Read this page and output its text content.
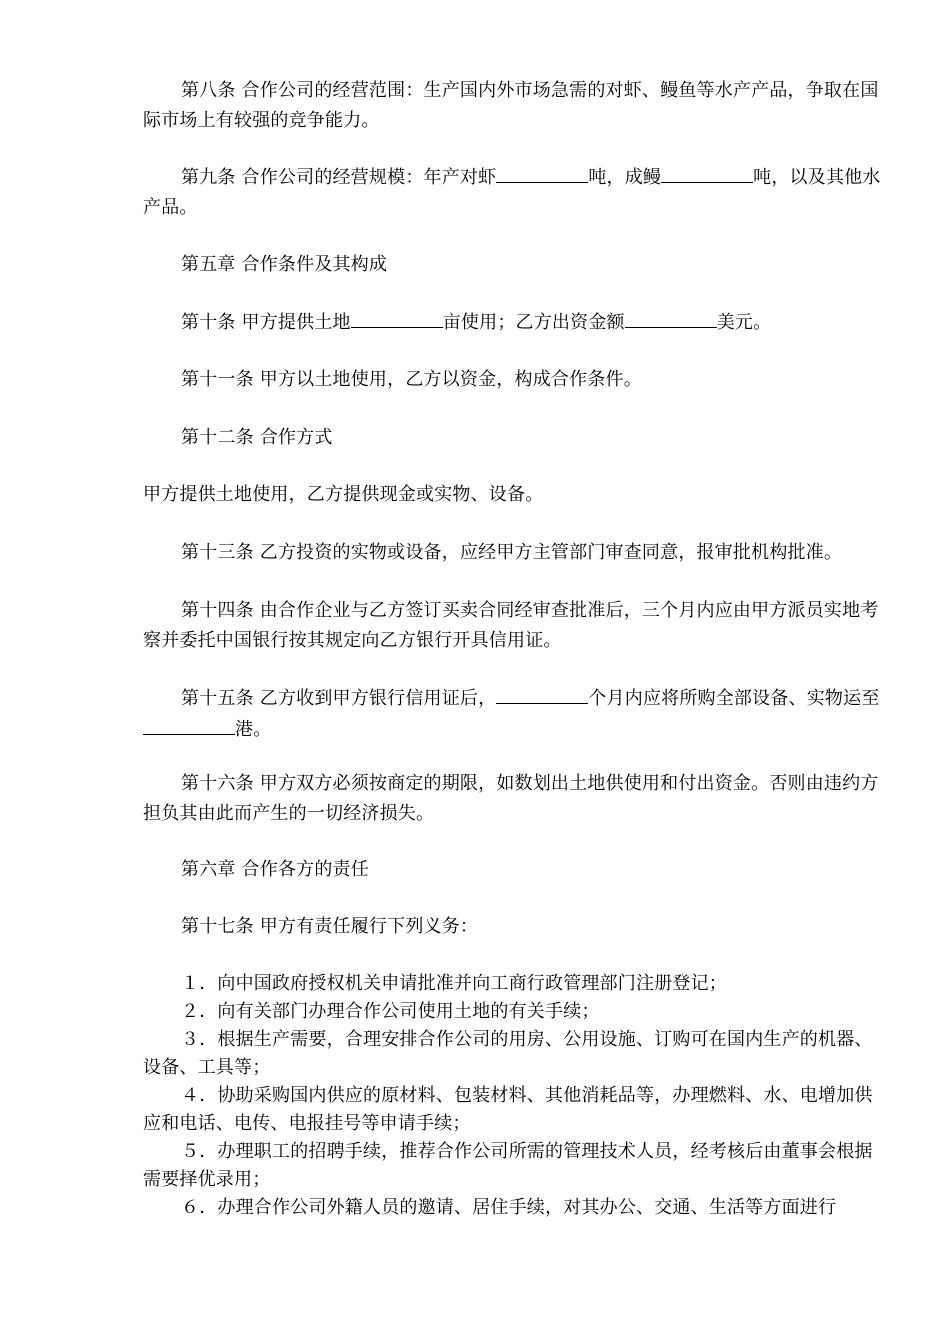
第八条 合作公司的经营范围：生产国内外市场急需的对虾、鳗鱼等水产产品，争取在国际市场上有较强的竞争能力。

第九条 合作公司的经营规模：年产对虾	吨，成鳗	吨，以及其他水产品。

第五章 合作条件及其构成

第十条 甲方提供土地	亩使用；乙方出资金额	美元。

第十一条 甲方以土地使用，乙方以资金，构成合作条件。

第十二条 合作方式

甲方提供土地使用，乙方提供现金或实物、设备。

第十三条 乙方投资的实物或设备，应经甲方主管部门审查同意，报审批机构批准。

第十四条 由合作企业与乙方签订买卖合同经审查批准后，三个月内应由甲方派员实地考察并委托中国银行按其规定向乙方银行开具信用证。

第十五条 乙方收到甲方银行信用证后，	个月内应将所购全部设备、实物运至港。

第十六条 甲方双方必须按商定的期限，如数划出土地供使用和付出资金。否则由违约方担负其由此而产生的一切经济损失。

第六章 合作各方的责任

第十七条 甲方有责任履行下列义务：

１．向中国政府授权机关申请批准并向工商行政管理部门注册登记；

２．向有关部门办理合作公司使用土地的有关手续；

３．根据生产需要，合理安排合作公司的用房、公用设施、订购可在国内生产的机器、设备、工具等；

４．协助采购国内供应的原材料、包装材料、其他消耗品等，办理燃料、水、电增加供应和电话、电传、电报挂号等申请手续；

５．办理职工的招聘手续，推荐合作公司所需的管理技术人员，经考核后由董事会根据需要择优录用；

６．办理合作公司外籍人员的邀请、居住手续，对其办公、交通、生活等方面进行
